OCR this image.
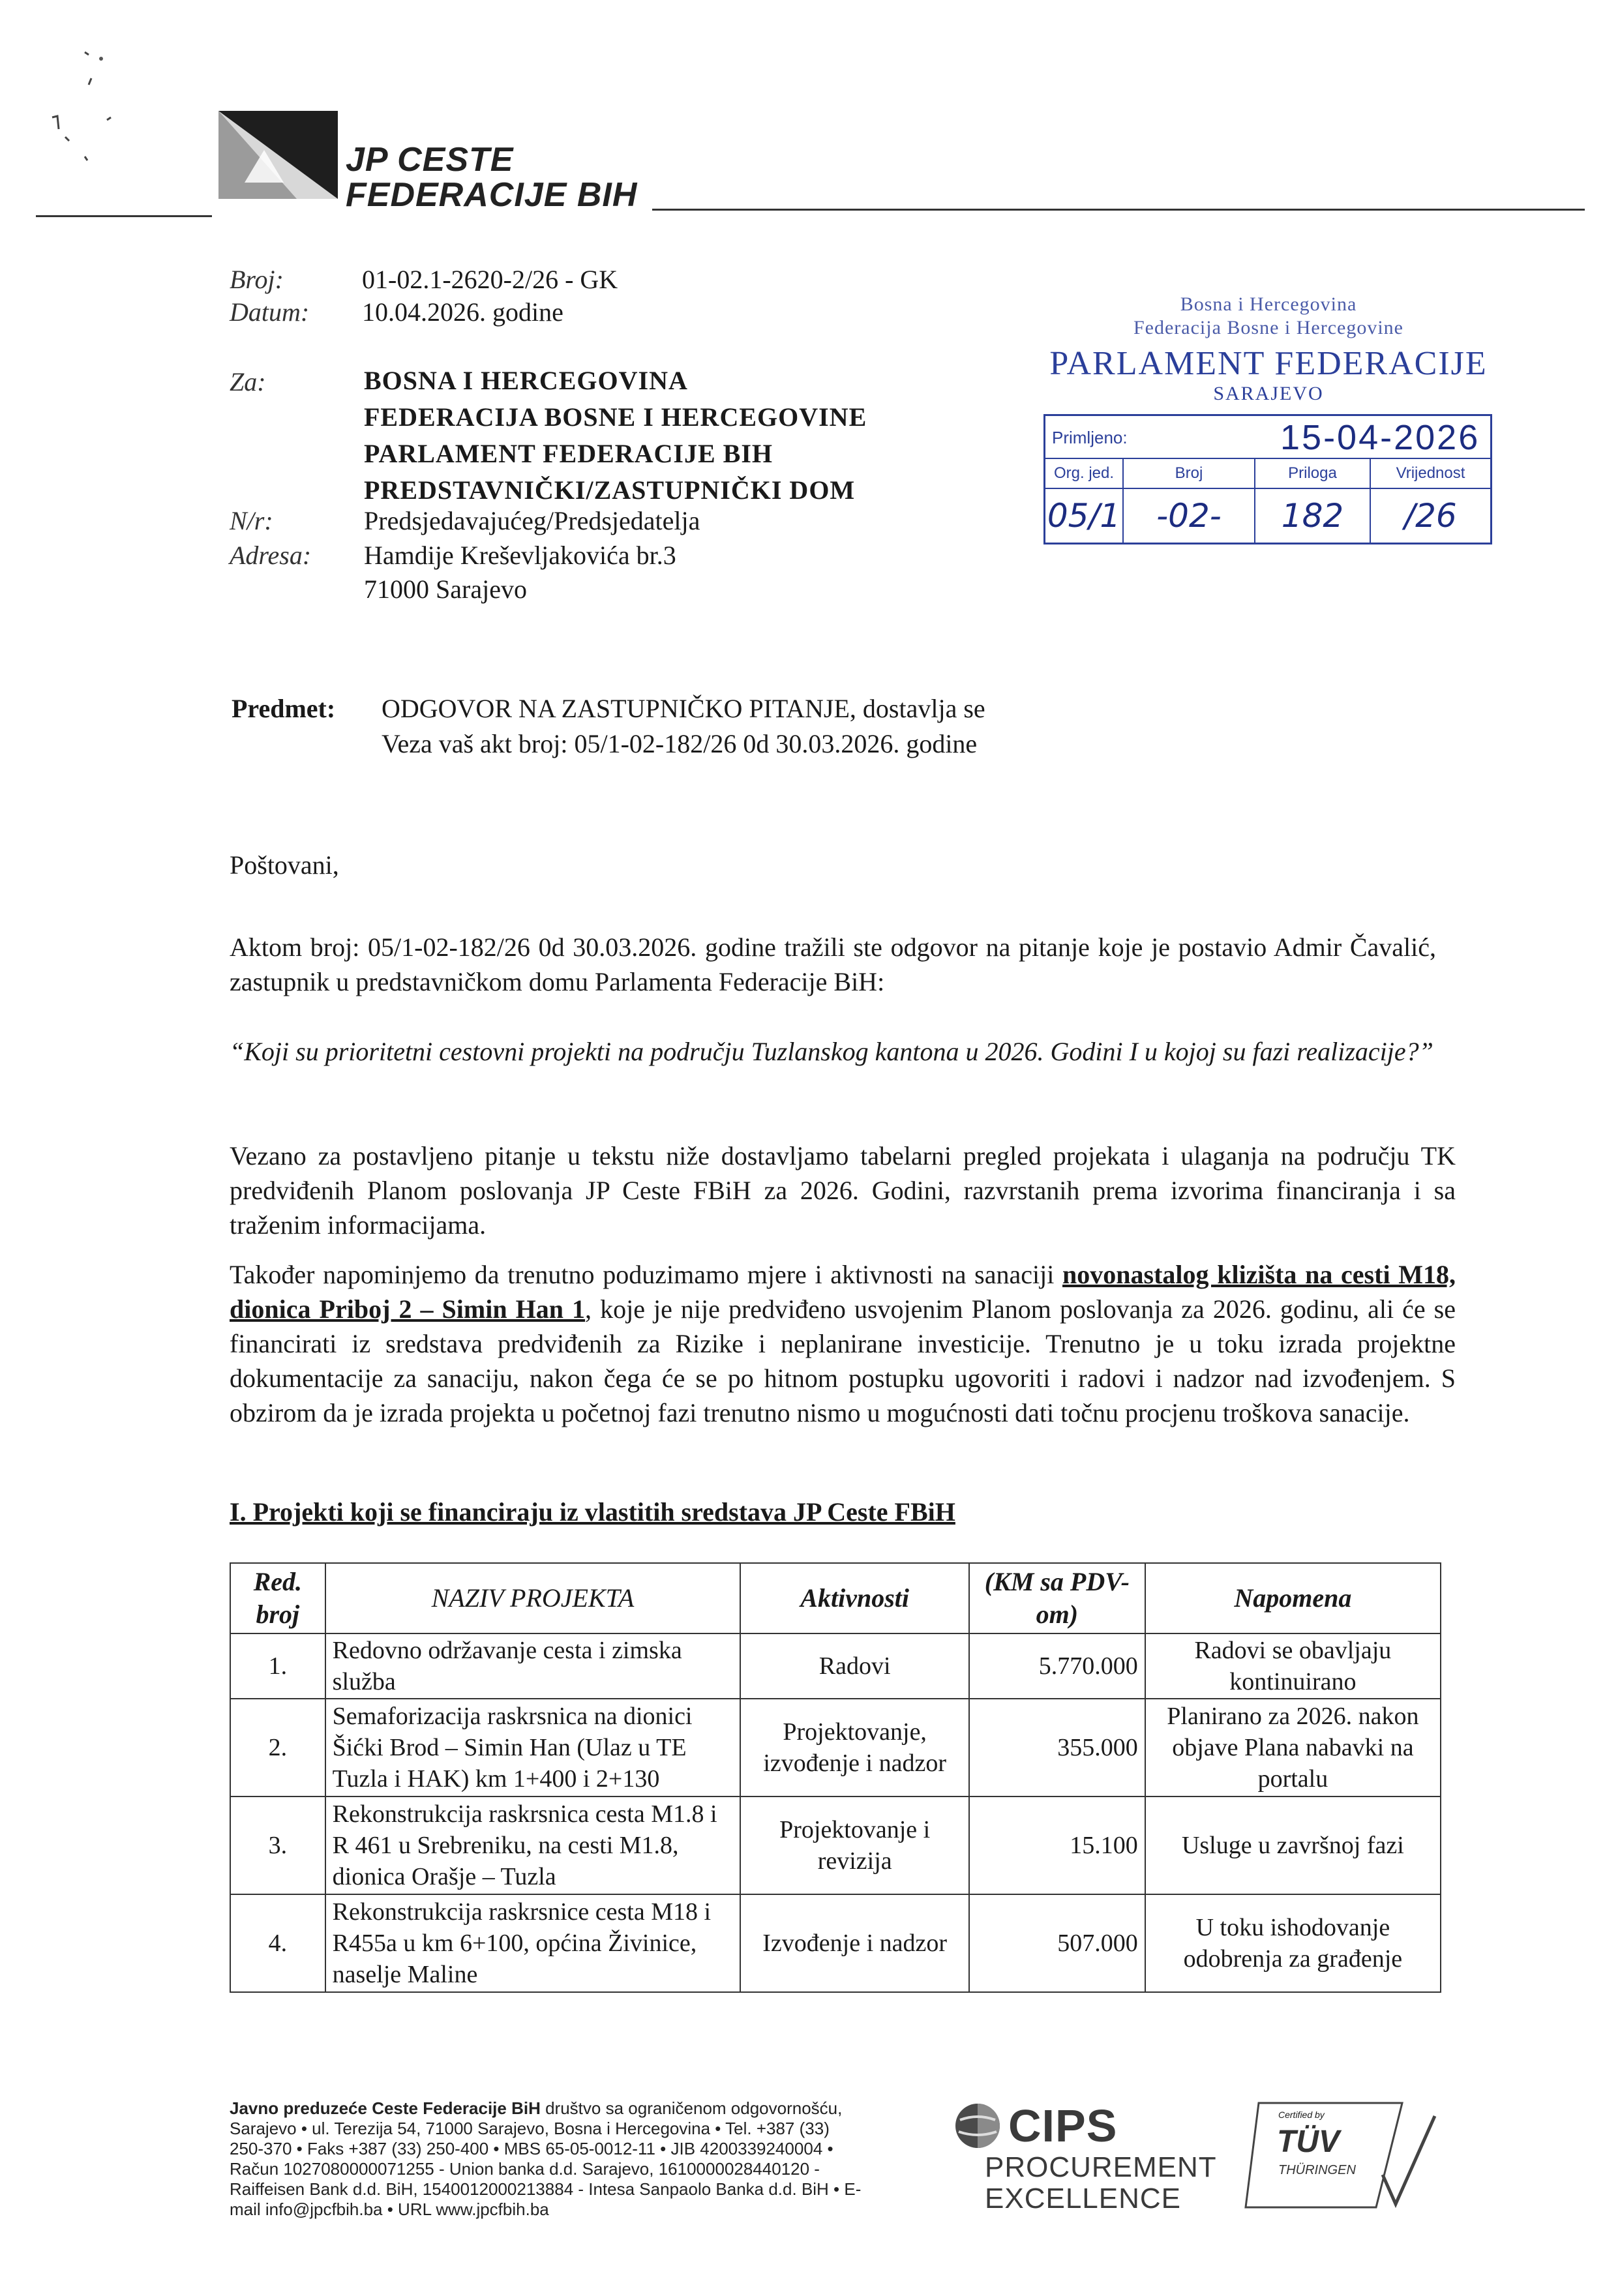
JP CESTE
FEDERACIJE BIH
Broj:	01-02.1-2620-2/26 - GK
Datum: 10.04.2026. godine
Za:	BOSNA I HERCEGOVINA
FEDERACIJA BOSNE I HERCEGOVINE
PARLAMENT FEDERACIJE BIH
PREDSTAVNIČKI/ZASTUPNIČKI DOM
N/r:	Predsjedavajućeg/Predsjedatelja
Adresa: Hamdije Kreševljakovića br.3
71000 Sarajevo
Bosna i Hercegovina
Federacija Bosne i Hercegovine
PARLAMENT FEDERACIJE
SARAJEVO
Primljeno:	15-04-2026
Org. jed.	Broj	Priloga	Vrijednost
05/1	-02-	182	/26
Predmet: ODGOVOR NA ZASTUPNIČKO PITANJE, dostavlja se
Veza vaš akt broj: 05/1-02-182/26 0d 30.03.2026. godine
Poštovani,
Aktom broj: 05/1-02-182/26 0d 30.03.2026. godine tražili ste odgovor na pitanje koje je postavio Admir Čavalić, zastupnik u predstavničkom domu Parlamenta Federacije BiH:
“Koji su prioritetni cestovni projekti na području Tuzlanskog kantona u 2026. Godini I u kojoj su fazi realizacije?”
Vezano za postavljeno pitanje u tekstu niže dostavljamo tabelarni pregled projekata i ulaganja na području TK predviđenih Planom poslovanja JP Ceste FBiH za 2026. Godini, razvrstanih prema izvorima financiranja i sa traženim informacijama.
Također napominjemo da trenutno poduzimamo mjere i aktivnosti na sanaciji novonastalog klizišta na cesti M18, dionica Priboj 2 – Simin Han 1, koje je nije predviđeno usvojenim Planom poslovanja za 2026. godinu, ali će se financirati iz sredstava predviđenih za Rizike i neplanirane investicije. Trenutno je u toku izrada projektne dokumentacije za sanaciju, nakon čega će se po hitnom postupku ugovoriti i radovi i nadzor nad izvođenjem. S obzirom da je izrada projekta u početnoj fazi trenutno nismo u mogućnosti dati točnu procjenu troškova sanacije.
I. Projekti koji se financiraju iz vlastitih sredstava JP Ceste FBiH
Red. broj	NAZIV PROJEKTA	Aktivnosti	(KM sa PDV-om)	Napomena
1.	Redovno održavanje cesta i zimska služba	Radovi	5.770.000	Radovi se obavljaju kontinuirano
2.	Semaforizacija raskrsnica na dionici Šićki Brod – Simin Han (Ulaz u TE Tuzla i HAK) km 1+400 i 2+130	Projektovanje, izvođenje i nadzor	355.000	Planirano za 2026. nakon objave Plana nabavki na portalu
3.	Rekonstrukcija raskrsnica cesta M1.8 i R 461 u Srebreniku, na cesti M1.8, dionica Orašje – Tuzla	Projektovanje i revizija	15.100	Usluge u završnoj fazi
4.	Rekonstrukcija raskrsnice cesta M18 i R455a u km 6+100, općina Živinice, naselje Maline	Izvođenje i nadzor	507.000	U toku ishodovanje odobrenja za građenje
Javno preduzeće Ceste Federacije BiH društvo sa ograničenom odgovornošću,
Sarajevo • ul. Terezija 54, 71000 Sarajevo, Bosna i Hercegovina • Tel. +387 (33)
250-370 • Faks +387 (33) 250-400 • MBS 65-05-0012-11 • JIB 4200339240004 •
Račun 1027080000071255 - Union banka d.d. Sarajevo, 1610000028440120 -
Raiffeisen Bank d.d. BiH, 1540012000213884 - Intesa Sanpaolo Banka d.d. BiH • E-
mail info@jpcfbih.ba • URL www.jpcfbih.ba
CIPS
PROCUREMENT
EXCELLENCE
Certified by
TÜV
THÜRINGEN
